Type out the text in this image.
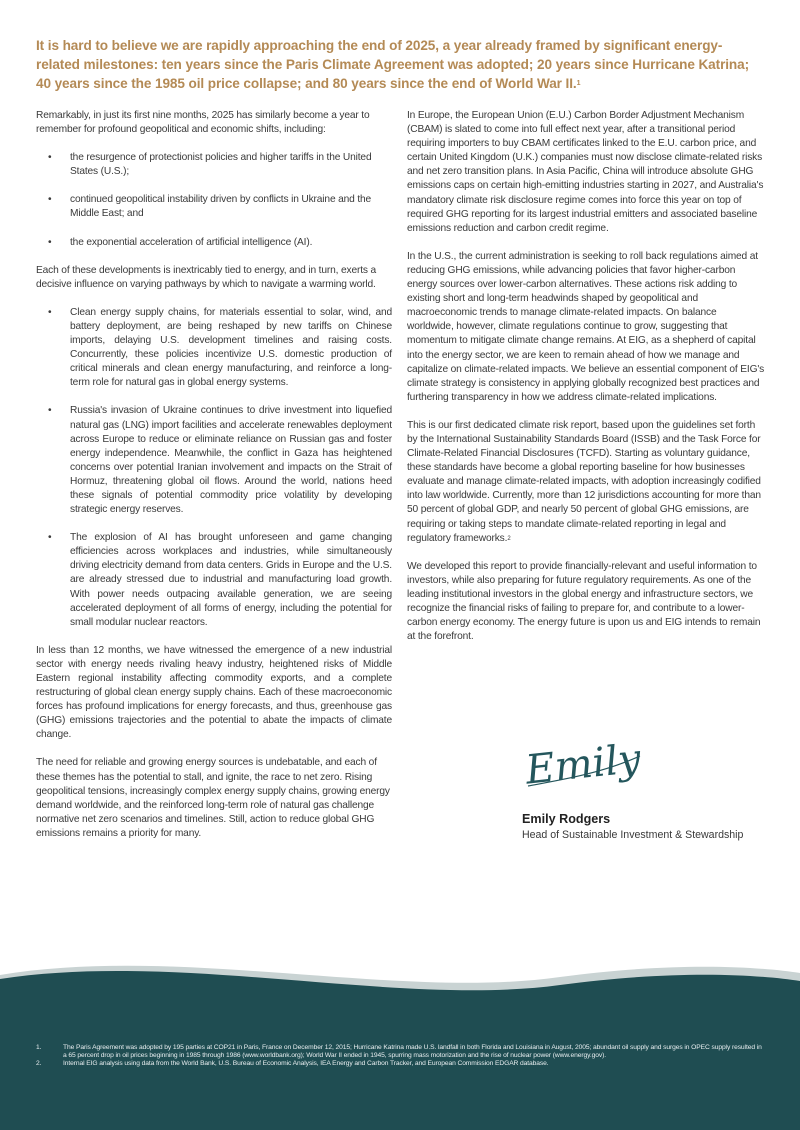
It is hard to believe we are rapidly approaching the end of 2025, a year already framed by significant energy-related milestones: ten years since the Paris Climate Agreement was adopted; 20 years since Hurricane Katrina; 40 years since the 1985 oil price collapse; and 80 years since the end of World War II.$^1$

Remarkably, in just its first nine months, 2025 has similarly become a year to remember for profound geopolitical and economic shifts, including:

• the resurgence of protectionist policies and higher tariffs in the United States (U.S.);
• continued geopolitical instability driven by conflicts in Ukraine and the Middle East; and
• the exponential acceleration of artificial intelligence (AI).

Each of these developments is inextricably tied to energy, and in turn, exerts a decisive influence on varying pathways by which to navigate a warming world.

• Clean energy supply chains, for materials essential to solar, wind, and battery deployment, are being reshaped by new tariffs on Chinese imports, delaying U.S. development timelines and raising costs. Concurrently, these policies incentivize U.S. domestic production of critical minerals and clean energy manufacturing, and reinforce a long-term role for natural gas in global energy systems.
• Russia's invasion of Ukraine continues to drive investment into liquefied natural gas (LNG) import facilities and accelerate renewables deployment across Europe to reduce or eliminate reliance on Russian gas and foster energy independence. Meanwhile, the conflict in Gaza has heightened concerns over potential Iranian involvement and impacts on the Strait of Hormuz, threatening global oil flows. Around the world, nations heed these signals of potential commodity price volatility by developing strategic energy reserves.
• The explosion of AI has brought unforeseen and game changing efficiencies across workplaces and industries, while simultaneously driving electricity demand from data centers. Grids in Europe and the U.S. are already stressed due to industrial and manufacturing load growth. With power needs outpacing available generation, we are seeing accelerated deployment of all forms of energy, including the potential for small modular nuclear reactors.

In less than 12 months, we have witnessed the emergence of a new industrial sector with energy needs rivaling heavy industry, heightened risks of Middle Eastern regional instability affecting commodity exports, and a complete restructuring of global clean energy supply chains. Each of these macroeconomic forces has profound implications for energy forecasts, and thus, greenhouse gas (GHG) emissions trajectories and the potential to abate the impacts of climate change.

The need for reliable and growing energy sources is undebatable, and each of these themes has the potential to stall, and ignite, the race to net zero. Rising geopolitical tensions, increasingly complex energy supply chains, growing energy demand worldwide, and the reinforced long-term role of natural gas challenge normative net zero scenarios and timelines. Still, action to reduce global GHG emissions remains a priority for many.

In Europe, the European Union (E.U.) Carbon Border Adjustment Mechanism (CBAM) is slated to come into full effect next year, after a transitional period requiring importers to buy CBAM certificates linked to the E.U. carbon price, and certain United Kingdom (U.K.) companies must now disclose climate-related risks and net zero transition plans. In Asia Pacific, China will introduce absolute GHG emissions caps on certain high-emitting industries starting in 2027, and Australia's mandatory climate risk disclosure regime comes into force this year on top of required GHG reporting for its largest industrial emitters and associated baseline emissions reduction and carbon credit regime.

In the U.S., the current administration is seeking to roll back regulations aimed at reducing GHG emissions, while advancing policies that favor higher-carbon energy sources over lower-carbon alternatives. These actions risk adding to existing short and long-term headwinds shaped by geopolitical and macroeconomic trends to manage climate-related impacts. On balance worldwide, however, climate regulations continue to grow, suggesting that momentum to mitigate climate change remains. At EIG, as a shepherd of capital into the energy sector, we are keen to remain ahead of how we manage and capitalize on climate-related impacts. We believe an essential component of EIG's climate strategy is consistency in applying globally recognized best practices and furthering transparency in how we address climate-related implications.

This is our first dedicated climate risk report, based upon the guidelines set forth by the International Sustainability Standards Board (ISSB) and the Task Force for Climate-Related Financial Disclosures (TCFD). Starting as voluntary guidance, these standards have become a global reporting baseline for how businesses evaluate and manage climate-related impacts, with adoption increasingly codified into law worldwide. Currently, more than 12 jurisdictions accounting for more than 50 percent of global GDP, and nearly 50 percent of global GHG emissions, are requiring or taking steps to mandate climate-related reporting in legal and regulatory frameworks.$^2$

We developed this report to provide financially-relevant and useful information to investors, while also preparing for future regulatory requirements. As one of the leading institutional investors in the global energy and infrastructure sectors, we recognize the financial risks of failing to prepare for, and contribute to a lower-carbon energy economy. The energy future is upon us and EIG intends to remain at the forefront.

Emily
Emily Rodgers
Head of Sustainable Investment & Stewardship
1.	The Paris Agreement was adopted by 195 parties at COP21 in Paris, France on December 12, 2015; Hurricane Katrina made U.S. landfall in both Florida and Louisiana in August, 2005; abundant oil supply and surges in OPEC supply resulted in a 65 percent drop in oil prices beginning in 1985 through 1986 (www.worldbank.org); World War II ended in 1945, spurring mass motorization and the rise of nuclear power (www.energy.gov).
2.	Internal EIG analysis using data from the World Bank, U.S. Bureau of Economic Analysis, IEA Energy and Carbon Tracker, and European Commission EDGAR database.
